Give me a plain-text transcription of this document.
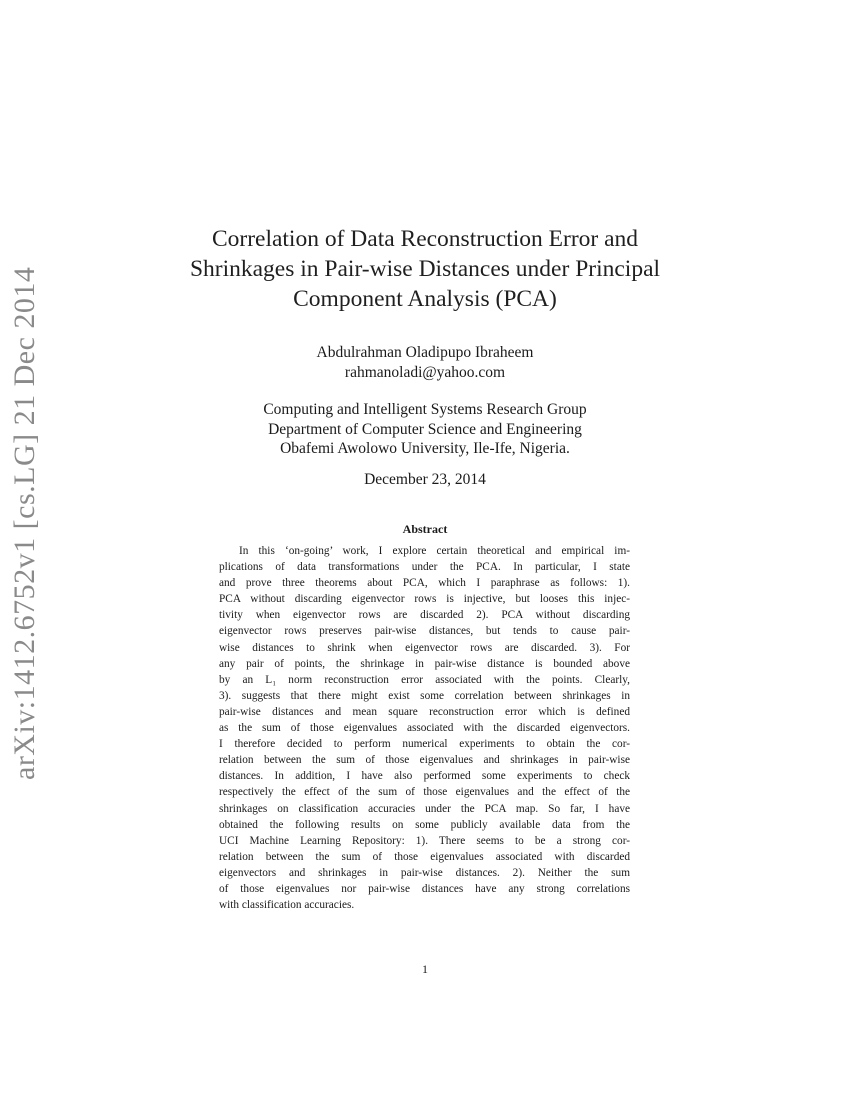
arXiv:1412.6752v1 [cs.LG] 21 Dec 2014
Correlation of Data Reconstruction Error and
Shrinkages in Pair-wise Distances under Principal
Component Analysis (PCA)
Abdulrahman Oladipupo Ibraheem
rahmanoladi@yahoo.com
Computing and Intelligent Systems Research Group
Department of Computer Science and Engineering
Obafemi Awolowo University, Ile-Ife, Nigeria.
December 23, 2014
Abstract
In this ‘on-going’ work, I explore certain theoretical and empirical im-
plications of data transformations under the PCA. In particular, I state
and prove three theorems about PCA, which I paraphrase as follows: 1).
PCA without discarding eigenvector rows is injective, but looses this injec-
tivity when eigenvector rows are discarded 2). PCA without discarding
eigenvector rows preserves pair-wise distances, but tends to cause pair-
wise distances to shrink when eigenvector rows are discarded. 3). For
any pair of points, the shrinkage in pair-wise distance is bounded above
by an L₁ norm reconstruction error associated with the points. Clearly,
3). suggests that there might exist some correlation between shrinkages in
pair-wise distances and mean square reconstruction error which is defined
as the sum of those eigenvalues associated with the discarded eigenvectors.
I therefore decided to perform numerical experiments to obtain the cor-
relation between the sum of those eigenvalues and shrinkages in pair-wise
distances. In addition, I have also performed some experiments to check
respectively the effect of the sum of those eigenvalues and the effect of the
shrinkages on classification accuracies under the PCA map. So far, I have
obtained the following results on some publicly available data from the
UCI Machine Learning Repository: 1). There seems to be a strong cor-
relation between the sum of those eigenvalues associated with discarded
eigenvectors and shrinkages in pair-wise distances. 2). Neither the sum
of those eigenvalues nor pair-wise distances have any strong correlations
with classification accuracies.
1
